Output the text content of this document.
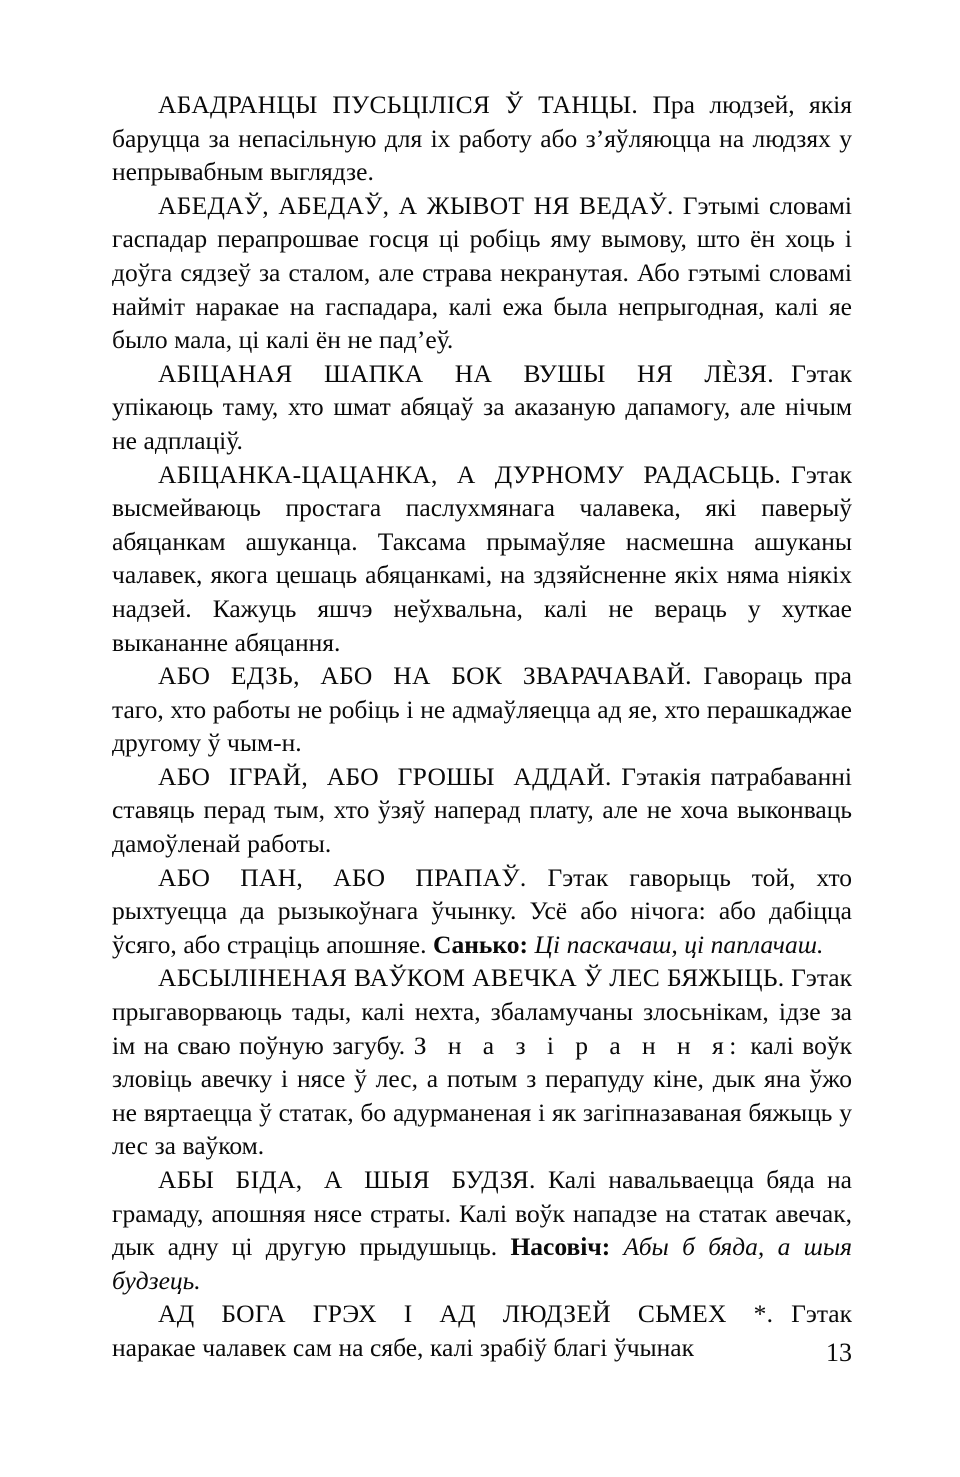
АБАДРАНЦЫ ПУСЬЦІЛІСЯ Ў ТАНЦЫ. Пра людзей, якія баруцца за непасільную для іх работу або з’яўляюцца на людзях у непрывабным выглядзе.

АБЕДАЎ, АБЕДАЎ, А ЖЫВОТ НЯ ВЕДАЎ. Гэтымі словамі гаспадар перапрошвае госця ці робіць яму вымову, што ён хоць і доўга сядзеў за сталом, але страва некранутая. Або гэтымі словамі найміт наракае на гаспадара, калі ежа была непрыгодная, калі яе было мала, ці калі ён не пад’еў.

АБІЦАНАЯ ШАПКА НА ВУШЫ НЯ ЛЀЗЯ. Гэтак упікаюць таму, хто шмат абяцаў за аказаную дапамогу, але нічым не адплаціў.

АБІЦАНКА-ЦАЦАНКА, А ДУРНОМУ РАДАСЬЦЬ. Гэтак высмейваюць простага паслухмянага чалавека, які паверыў абяцанкам ашуканца. Таксама прымаўляе насмешна ашуканы чалавек, якога цешаць абяцанкамі, на здзяйсненне якіх няма ніякіх надзей. Кажуць яшчэ неўхвальна, калі не вераць у хуткае выкананне абяцання.

АБО ЕДЗЬ, АБО НА БОК ЗВАРАЧАВАЙ. Гавораць пра таго, хто работы не робіць і не адмаўляецца ад яе, хто перашкаджае другому ў чым-н.

АБО ІГРАЙ, АБО ГРОШЫ АДДАЙ. Гэтакія патрабаванні ставяць перад тым, хто ўзяў наперад плату, але не хоча выконваць дамоўленай работы.

АБО ПАН, АБО ПРАПАЎ. Гэтак гаворыць той, хто рыхтуецца да рызыкоўнага ўчынку. Усё або нічога: або дабіцца ўсяго, або страціць апошняе. Санько: Ці паскачаш, ці паплачаш.

АБСЫЛІНЕНАЯ ВАЎКОМ АВЕЧКА Ў ЛЕС БЯЖЫЦЬ. Гэтак прыгаворваюць тады, калі нехта, збаламучаны злосьнікам, ідзе за ім на сваю поўную загубу. З н а з і р а н н я: калі воўк зловіць авечку і нясе ў лес, а потым з перапуду кіне, дык яна ўжо не вяртаецца ў статак, бо адурманеная і як загіпназаваная бяжыць у лес за ваўком.

АБЫ БІДА, А ШЫЯ БУДЗЯ. Калі навальваецца бяда на грамаду, апошняя нясе страты. Калі воўк нападзе на статак авечак, дык адну ці другую прыдушыць. Насовіч: Абы б бяда, а шыя будзець.

АД БОГА ГРЭХ І АД ЛЮДЗЕЙ СЬМЕХ *. Гэтак наракае чалавек сам на сябе, калі зрабіў благі ўчынак	13
